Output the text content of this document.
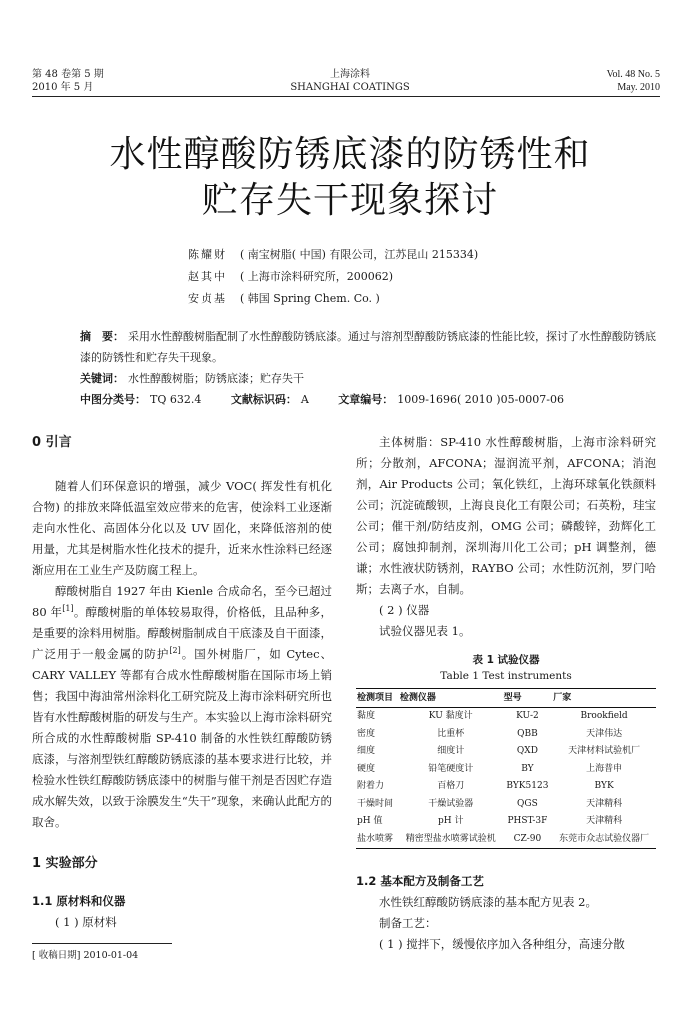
第 48 卷第 5 期
2010 年 5 月
上海涂料
SHANGHAI COATINGS
Vol. 48 No. 5
May. 2010
水性醇酸防锈底漆的防锈性和
贮存失干现象探讨
陈耀财 ( 南宝树脂( 中国) 有限公司，江苏昆山 215334)
赵其中 ( 上海市涂料研究所，200062)
安贞基 ( 韩国 Spring Chem. Co. )
摘　要： 采用水性醇酸树脂配制了水性醇酸防锈底漆。通过与溶剂型醇酸防锈底漆的性能比较，探讨了水性醇酸防锈底漆的防锈性和贮存失干现象。
关键词： 水性醇酸树脂；防锈底漆；贮存失干
中图分类号： TQ 632.4	文献标识码： A	文章编号： 1009-1696( 2010 )05-0007-06
0 引言

随着人们环保意识的增强，减少 VOC( 挥发性有机化合物) 的排放来降低温室效应带来的危害，使涂料工业逐渐走向水性化、高固体分化以及 UV 固化，来降低溶剂的使用量，尤其是树脂水性化技术的提升，近来水性涂料已经逐渐应用在工业生产及防腐工程上。

醇酸树脂自 1927 年由 Kienle 合成命名，至今已超过 80 年[1]。醇酸树脂的单体较易取得，价格低，且品种多，是重要的涂料用树脂。醇酸树脂制成自干底漆及自干面漆，广泛用于一般金属的防护[2]。国外树脂厂，如 Cytec、CARY VALLEY 等都有合成水性醇酸树脂在国际市场上销售；我国中海油常州涂料化工研究院及上海市涂料研究所也皆有水性醇酸树脂的研发与生产。本实验以上海市涂料研究所合成的水性醇酸树脂 SP-410 制备的水性铁红醇酸防锈底漆，与溶剂型铁红醇酸防锈底漆的基本要求进行比较，并检验水性铁红醇酸防锈底漆中的树脂与催干剂是否因贮存造成水解失效，以致于涂膜发生“失干”现象，来确认此配方的取舍。

1 实验部分
1.1 原材料和仪器

( 1 ) 原材料

主体树脂：SP-410 水性醇酸树脂，上海市涂料研究所；分散剂，AFCONA；湿润流平剂，AFCONA；消泡剂，Air Products 公司；氧化铁红，上海环球氧化铁颜料公司；沉淀硫酸钡，上海良良化工有限公司；石英粉，珪宝公司；催干剂/防结皮剂，OMG 公司；磷酸锌，劲辉化工公司；腐蚀抑制剂，深圳海川化工公司；pH 调整剂，德谦；水性液状防锈剂，RAYBO 公司；水性防沉剂，罗门哈斯；去离子水，自制。

( 2 ) 仪器

试验仪器见表 1。

表 1 试验仪器

Table 1 Test instruments

检测项目	检测仪器	型号	厂家
黏度	KU 黏度计	KU-2	Brookfield
密度	比重杯	QBB	天津伟达
细度	细度计	QXD	天津材料试验机厂
硬度	铅笔硬度计	BY	上海普申
附着力	百格刀	BYK5123	BYK
干燥时间	干燥试验器	QGS	天津精科
pH 值	pH 计	PHST-3F	天津精科
盐水喷雾	精密型盐水喷雾试验机	CZ-90	东莞市众志试验仪器厂
1.2 基本配方及制备工艺

水性铁红醇酸防锈底漆的基本配方见表 2。

制备工艺：

( 1 ) 搅拌下，缓慢依序加入各种组分，高速分散

[ 收稿日期] 2010-01-04
